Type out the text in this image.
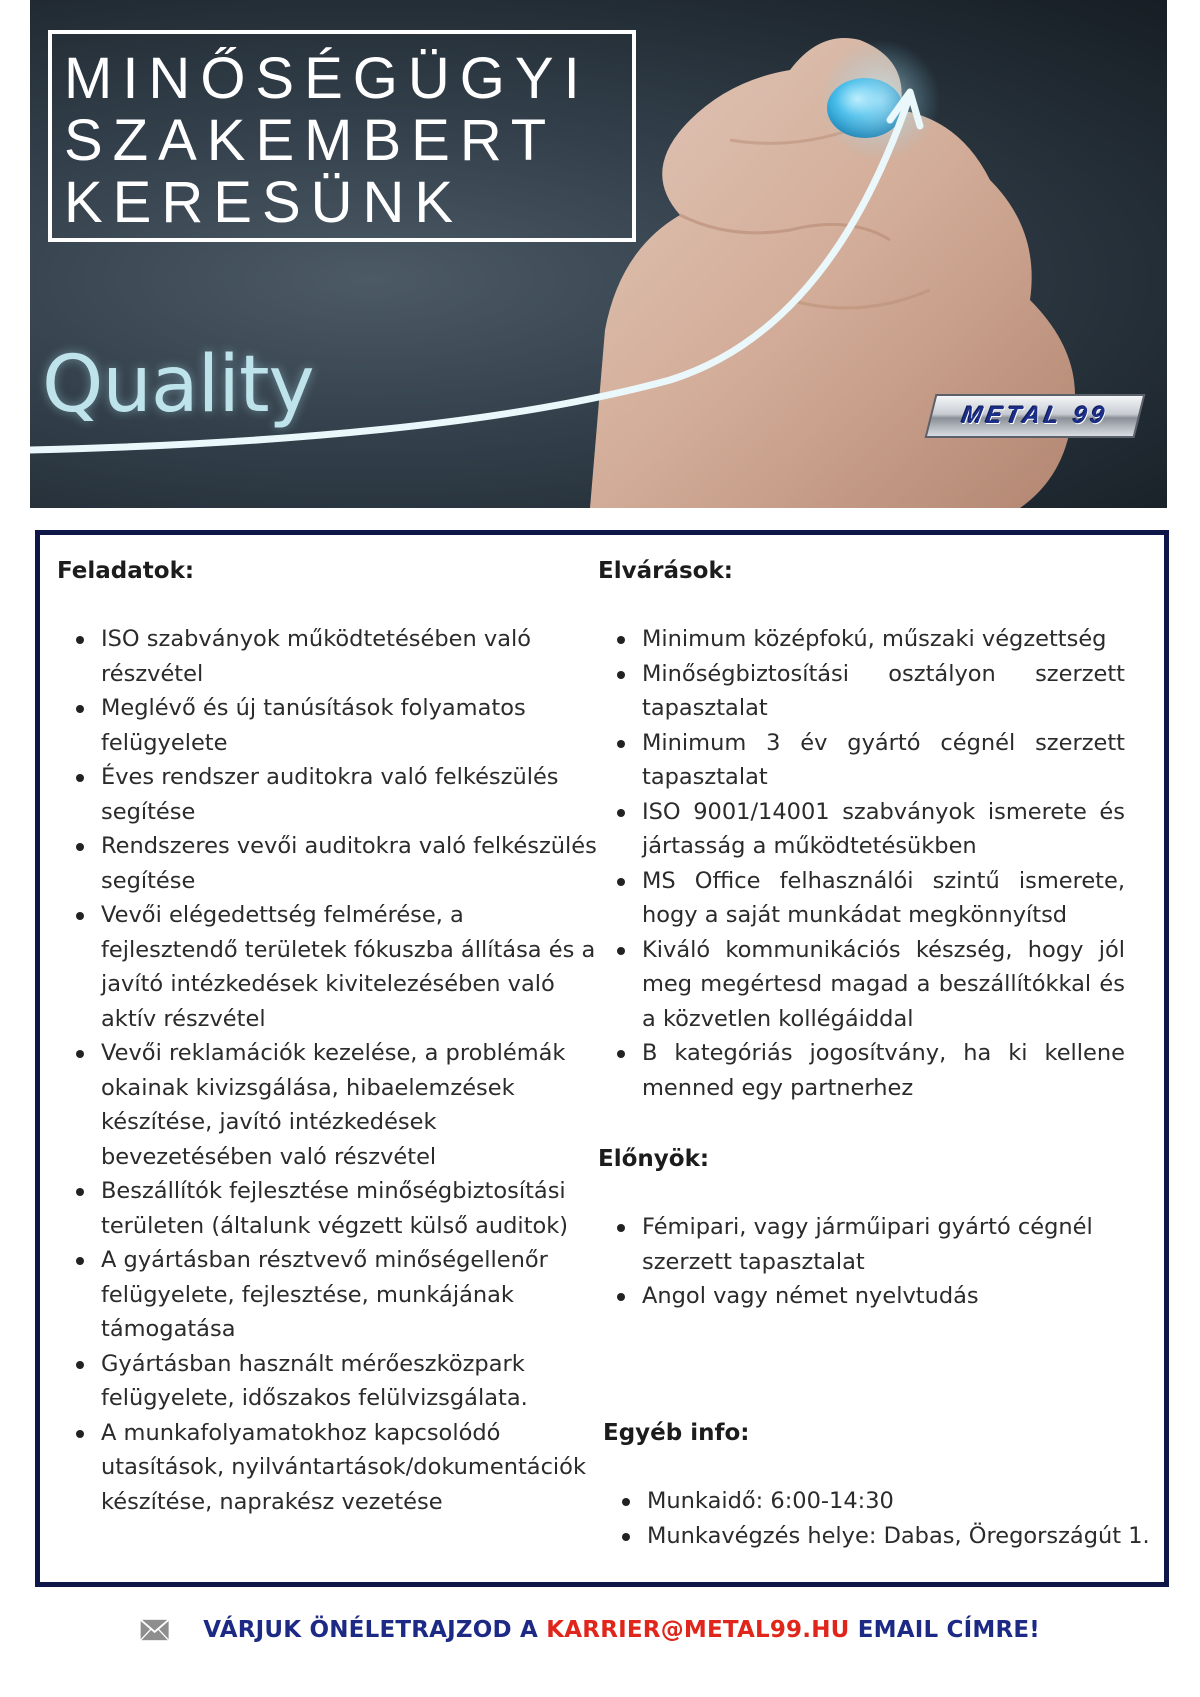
MINŐSÉGÜGYI
SZAKEMBERT
KERESÜNK
Quality	METAL 99
Feladatok:
ISO szabványok működtetésében való részvétel
Meglévő és új tanúsítások folyamatos felügyelete
Éves rendszer auditokra való felkészülés segítése
Rendszeres vevői auditokra való felkészülés segítése
Vevői elégedettség felmérése, a fejlesztendő területek fókuszba állítása és a javító intézkedések kivitelezésében való aktív részvétel
Vevői reklamációk kezelése, a problémák okainak kivizsgálása, hibaelemzések készítése, javító intézkedések bevezetésében való részvétel
Beszállítók fejlesztése minőségbiztosítási területen (általunk végzett külső auditok)
A gyártásban résztvevő minőségellenőr felügyelete, fejlesztése, munkájának támogatása
Gyártásban használt mérőeszközpark felügyelete, időszakos felülvizsgálata.
A munkafolyamatokhoz kapcsolódó utasítások, nyilvántartások/dokumentációk készítése, naprakész vezetése
Elvárások:
Minimum középfokú, műszaki végzettség
Minőségbiztosítási osztályon szerzett tapasztalat
Minimum 3 év gyártó cégnél szerzett tapasztalat
ISO 9001/14001 szabványok ismerete és jártasság a működtetésükben
MS Office felhasználói szintű ismerete, hogy a saját munkádat megkönnyítsd
Kiváló kommunikációs készség, hogy jól meg megértesd magad a beszállítókkal és a közvetlen kollégáiddal
B kategóriás jogosítvány, ha ki kellene menned egy partnerhez
Előnyök:
Fémipari, vagy járműipari gyártó cégnél szerzett tapasztalat
Angol vagy német nyelvtudás
Egyéb info:
Munkaidő: 6:00-14:30
Munkavégzés helye: Dabas, Öregországút 1.
VÁRJUK ÖNÉLETRAJZOD A KARRIER@METAL99.HU EMAIL CÍMRE!
